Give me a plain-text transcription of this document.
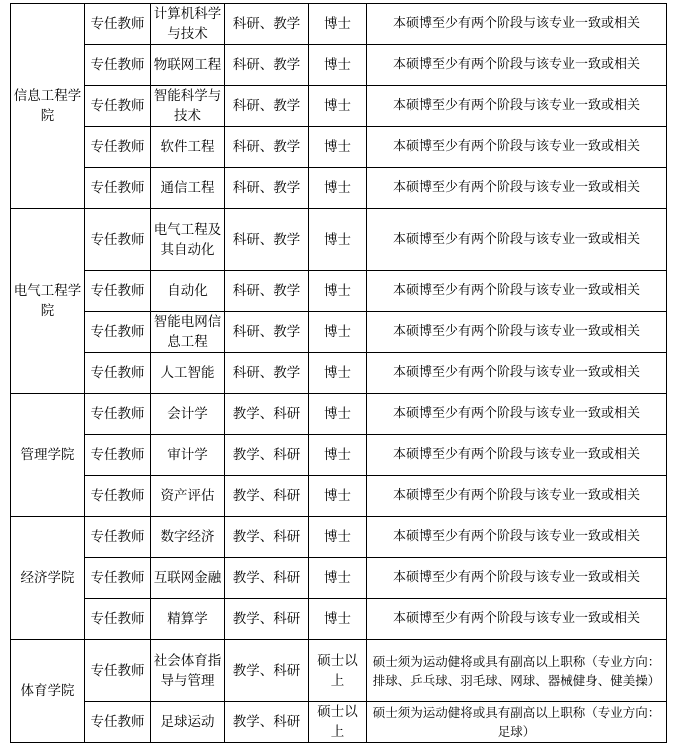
信息工程学院	专任教师	计算机科学与技术	科研、教学	博士	本硕博至少有两个阶段与该专业一致或相关
	专任教师	物联网工程	科研、教学	博士	本硕博至少有两个阶段与该专业一致或相关
	专任教师	智能科学与技术	科研、教学	博士	本硕博至少有两个阶段与该专业一致或相关
	专任教师	软件工程	科研、教学	博士	本硕博至少有两个阶段与该专业一致或相关
	专任教师	通信工程	科研、教学	博士	本硕博至少有两个阶段与该专业一致或相关
电气工程学院	专任教师	电气工程及其自动化	科研、教学	博士	本硕博至少有两个阶段与该专业一致或相关
	专任教师	自动化	科研、教学	博士	本硕博至少有两个阶段与该专业一致或相关
	专任教师	智能电网信息工程	科研、教学	博士	本硕博至少有两个阶段与该专业一致或相关
	专任教师	人工智能	科研、教学	博士	本硕博至少有两个阶段与该专业一致或相关
管理学院	专任教师	会计学	教学、科研	博士	本硕博至少有两个阶段与该专业一致或相关
	专任教师	审计学	教学、科研	博士	本硕博至少有两个阶段与该专业一致或相关
	专任教师	资产评估	教学、科研	博士	本硕博至少有两个阶段与该专业一致或相关
经济学院	专任教师	数字经济	教学、科研	博士	本硕博至少有两个阶段与该专业一致或相关
	专任教师	互联网金融	教学、科研	博士	本硕博至少有两个阶段与该专业一致或相关
	专任教师	精算学	教学、科研	博士	本硕博至少有两个阶段与该专业一致或相关
体育学院	专任教师	社会体育指导与管理	教学、科研	硕士以上	硕士须为运动健将或具有副高以上职称（专业方向：排球、乒乓球、羽毛球、网球、器械健身、健美操）
	专任教师	足球运动	教学、科研	硕士以上	硕士须为运动健将或具有副高以上职称（专业方向：足球）
